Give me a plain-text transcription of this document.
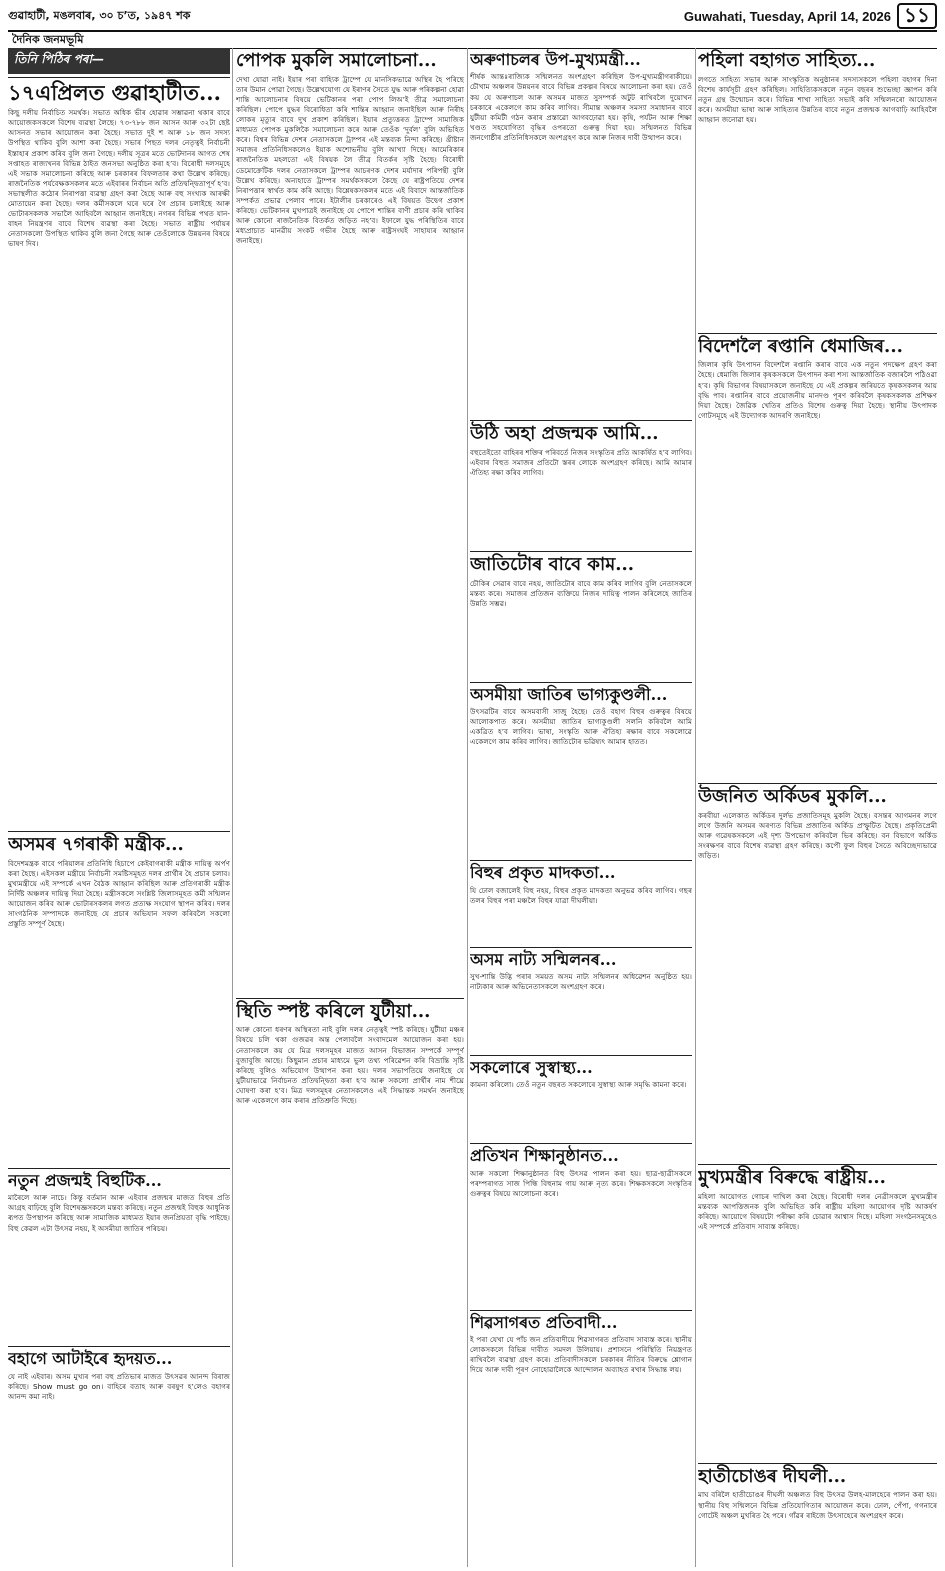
গুৱাহাটী, মঙলবাৰ, ৩০ চ’ত, ১৯৪৭ শক	Guwahati, Tuesday, April 14, 2026 ১১
দৈনিক জনমভূমি
তিনি পিঠিৰ পৰা—
১৭এপ্ৰিলত গুৱাহাটীত...

কিছু দলীয় নিৰ্বাচিত সমৰ্থক। সভাত অধিক ভীৰ হোৱাৰ সম্ভাৱনা থকাৰ বাবে আয়োজকসকলে বিশেষ ব্যৱস্থা লৈছে। ৭৩-৭৮৮ জন আসন আৰু ৩২টা ছেষ্ট আসনত সভাৰ আয়োজন কৰা হৈছে। সভাত দুই শ আৰু ১৮ জন সদস্য উপস্থিত থাকিব বুলি আশা কৰা হৈছে। সভাৰ পিছত দলৰ নেতৃত্বই নিৰ্বাচনী ইস্তাহাৰ প্ৰকাশ কৰিব বুলি জনা গৈছে। দলীয় সূত্ৰৰ মতে ভোটদানৰ আগত শেষ সপ্তাহত ৰাজ্যখনৰ বিভিন্ন ঠাইত জনসভা অনুষ্ঠিত কৰা হ’ব। বিৰোধী দলসমূহে এই সভাক সমালোচনা কৰিছে আৰু চৰকাৰৰ বিফলতাৰ কথা উল্লেখ কৰিছে। ৰাজনৈতিক পৰ্যবেক্ষকসকলৰ মতে এইবাৰৰ নিৰ্বাচন অতি প্ৰতিদ্বন্দ্বিতাপূৰ্ণ হ’ব। সভাস্থলীত কঠোৰ নিৰাপত্তা ব্যৱস্থা গ্ৰহণ কৰা হৈছে আৰু বহু সংখ্যক আৰক্ষী মোতায়েন কৰা হৈছে। দলৰ কৰ্মীসকলে ঘৰে ঘৰে গৈ প্ৰচাৰ চলাইছে আৰু ভোটাৰসকলক সভালৈ আহিবলৈ আহ্বান জনাইছে। নগৰৰ বিভিন্ন পথত যান-বাহন নিয়ন্ত্ৰণৰ বাবে বিশেষ ব্যৱস্থা কৰা হৈছে। সভাত ৰাষ্ট্ৰীয় পৰ্যায়ৰ নেতাসকলো উপস্থিত থাকিব বুলি জনা গৈছে আৰু তেওঁলোকে উন্নয়নৰ বিষয়ে ভাষণ দিব।

অসমৰ ৭গৰাকী মন্ত্ৰীক...

বিদেশমন্ত্ৰক বাবে পৰিয়ালৰ প্ৰতিনিধি হিচাপে কেইবাগৰাকী মন্ত্ৰীক দায়িত্ব অৰ্পণ কৰা হৈছে। এইসকল মন্ত্ৰীয়ে নিৰ্বাচনী সমষ্টিসমূহত দলৰ প্ৰাৰ্থীৰ হৈ প্ৰচাৰ চলাব। মুখ্যমন্ত্ৰীয়ে এই সম্পৰ্কে এখন বৈঠক আহ্বান কৰিছিল আৰু প্ৰতিগৰাকী মন্ত্ৰীক নিৰ্দিষ্ট অঞ্চলৰ দায়িত্ব দিয়া হৈছে। মন্ত্ৰীসকলে সংশ্লিষ্ট জিলাসমূহত কৰ্মী সন্মিলন আয়োজন কৰিব আৰু ভোটাৰসকলৰ লগত প্ৰত্যক্ষ সংযোগ স্থাপন কৰিব। দলৰ সাংগঠনিক সম্পাদকে জনাইছে যে প্ৰচাৰ অভিযান সফল কৰিবলৈ সকলো প্ৰস্তুতি সম্পূৰ্ণ হৈছে।

নতুন প্ৰজন্মই বিহুটিক...

মাৰৈলে আৰু নাচে। কিন্তু বৰ্তমান আৰু এইবাৰ প্ৰজন্মৰ মাজত বিহুৰ প্ৰতি আগ্ৰহ বাঢ়িছে বুলি বিশেষজ্ঞসকলে মন্তব্য কৰিছে। নতুন প্ৰজন্মই বিহুক আধুনিক ৰূপত উপস্থাপন কৰিছে আৰু সামাজিক মাধ্যমত ইয়াৰ জনপ্ৰিয়তা বৃদ্ধি পাইছে। বিহু কেৱল এটা উৎসৱ নহয়, ই অসমীয়া জাতিৰ পৰিচয়।

বহাগে আটাইৰে হৃদয়ত...

যে নাই এইবাৰ। অসম মুখ্যৰ পৰা বহু প্ৰতিভাৰ মাজত উৎসৱৰ আনন্দ বিৰাজ কৰিছে। Show must go on। বাহিৰে বতাহ আৰু বৰষুণ হ’লেও বহাগৰ আনন্দ কমা নাই।

পোপক মুকলি সমালোচনা...

দেখা যোৱা নাই। ইয়াৰ পৰা বাহ্যিক ট্ৰাম্পে যে মানসিকভাৱে অস্থিৰ হৈ পৰিছে তাৰ উমান পোৱা গৈছে। উল্লেখযোগ্য যে ইৰাণৰ সৈতে যুদ্ধ আৰু পৰিকল্পনা হোৱা শান্তি আলোচনাৰ বিষয়ে ভেটিকানৰ পৰা পোপ লিঅ’ই তীব্ৰ সমালোচনা কৰিছিল। পোপে যুদ্ধৰ বিৰোধিতা কৰি শান্তিৰ আহ্বান জনাইছিল আৰু নিৰীহ লোকৰ মৃত্যুৰ বাবে দুখ প্ৰকাশ কৰিছিল। ইয়াৰ প্ৰত্যুত্তৰত ট্ৰাম্পে সামাজিক মাধ্যমত পোপক মুকলিকৈ সমালোচনা কৰে আৰু তেওঁক ‘দুৰ্বল’ বুলি অভিহিত কৰে। বিশ্বৰ বিভিন্ন দেশৰ নেতাসকলে ট্ৰাম্পৰ এই মন্তব্যক নিন্দা কৰিছে। খ্ৰীষ্টান সমাজৰ প্ৰতিনিধিসকলেও ইয়াক অশোভনীয় বুলি আখ্যা দিছে। আমেৰিকাৰ ৰাজনৈতিক মহলতো এই বিষয়ক লৈ তীব্ৰ বিতৰ্কৰ সৃষ্টি হৈছে। বিৰোধী ডেমোক্ৰেটিক দলৰ নেতাসকলে ট্ৰাম্পৰ আচৰণক দেশৰ মৰ্যাদাৰ পৰিপন্থী বুলি উল্লেখ কৰিছে। অন্যহাতে ট্ৰাম্পৰ সমৰ্থকসকলে কৈছে যে ৰাষ্ট্ৰপতিয়ে দেশৰ নিৰাপত্তাৰ স্বাৰ্থত কাম কৰি আছে। বিশ্লেষকসকলৰ মতে এই বিবাদে আন্তৰ্জাতিক সম্পৰ্কত প্ৰভাৱ পেলাব পাৰে। ইটালীৰ চৰকাৰেও এই বিষয়ত উদ্বেগ প্ৰকাশ কৰিছে। ভেটিকানৰ মুখপাত্ৰই জনাইছে যে পোপে শান্তিৰ বাণী প্ৰচাৰ কৰি থাকিব আৰু কোনো ৰাজনৈতিক বিতৰ্কত জড়িত নহ’ব। ইফালে যুদ্ধ পৰিস্থিতিৰ বাবে মধ্যপ্ৰাচ্যত মানৱীয় সংকট গভীৰ হৈছে আৰু ৰাষ্ট্ৰসংঘই সাহায্যৰ আহ্বান জনাইছে।

স্থিতি স্পষ্ট কৰিলে যুটীয়া...

আৰু কোনো ধৰণৰ অস্থিৰতা নাই বুলি দলৰ নেতৃত্বই স্পষ্ট কৰিছে। যুটীয়া মঞ্চৰ বিষয়ে চলি থকা গুজৱৰ অন্ত পেলাবলৈ সংবাদমেল আয়োজন কৰা হয়। নেতাসকলে কয় যে মিত্ৰ দলসমূহৰ মাজত আসন বিভাজন সম্পৰ্কে সম্পূৰ্ণ বুজাবুজি আছে। কিছুমান প্ৰচাৰ মাধ্যমে ভুল তথ্য পৰিৱেশন কৰি বিভ্ৰান্তি সৃষ্টি কৰিছে বুলিও অভিযোগ উত্থাপন কৰা হয়। দলৰ সভাপতিয়ে জনাইছে যে যুটীয়াভাৱে নিৰ্বাচনত প্ৰতিদ্বন্দ্বিতা কৰা হ’ব আৰু সকলো প্ৰাৰ্থীৰ নাম শীঘ্ৰে ঘোষণা কৰা হ’ব। মিত্ৰ দলসমূহৰ নেতাসকলেও এই সিদ্ধান্তক সমৰ্থন জনাইছে আৰু একেলগে কাম কৰাৰ প্ৰতিশ্ৰুতি দিছে।

অৰুণাচলৰ উপ-মুখ্যমন্ত্ৰী...

শীৰ্ষক আন্তঃৰাজ্যিক সন্মিলনত অংশগ্ৰহণ কৰিছিল উপ-মুখ্যমন্ত্ৰীগৰাকীয়ে। চৌখাম অঞ্চলৰ উন্নয়নৰ বাবে বিভিন্ন প্ৰকল্পৰ বিষয়ে আলোচনা কৰা হয়। তেওঁ কয় যে অৰুণাচল আৰু অসমৰ মাজত সুসম্পৰ্ক অটুট ৰাখিবলৈ দুয়োখন চৰকাৰে একেলগে কাম কৰিব লাগিব। সীমান্ত অঞ্চলৰ সমস্যা সমাধানৰ বাবে যুটীয়া কমিটী গঠন কৰাৰ প্ৰস্তাৱো আগবঢ়োৱা হয়। কৃষি, পৰ্যটন আৰু শিক্ষা খণ্ডত সহযোগিতা বৃদ্ধিৰ ওপৰতো গুৰুত্ব দিয়া হয়। সন্মিলনত বিভিন্ন জনগোষ্ঠীৰ প্ৰতিনিধিসকলে অংশগ্ৰহণ কৰে আৰু নিজৰ দাবী উত্থাপন কৰে।

উঠি অহা প্ৰজন্মক আমি...

বহুতেইতো বাহিৰৰ শক্তিৰ পৰিবৰ্তে নিজৰ সংস্কৃতিৰ প্ৰতি আকৰ্ষিত হ’ব লাগিব। এইবাৰ বিহুত সমাজৰ প্ৰতিটো স্তৰৰ লোকে অংশগ্ৰহণ কৰিছে। আমি আমাৰ ঐতিহ্য ৰক্ষা কৰিব লাগিব।

জাতিটোৰ বাবে কাম...

চৌকিৰ সেৱাৰ বাবে নহয়, জাতিটোৰ বাবে কাম কৰিব লাগিব বুলি নেতাসকলে মন্তব্য কৰে। সমাজৰ প্ৰতিজন ব্যক্তিয়ে নিজৰ দায়িত্ব পালন কৰিলেহে জাতিৰ উন্নতি সম্ভৱ।

অসমীয়া জাতিৰ ভাগ্যকুণ্ডলী...

উৎসৱটিৰ বাবে অসমবাসী সাজু হৈছে। তেওঁ বহাগ বিহুৰ গুৰুত্বৰ বিষয়ে আলোকপাত কৰে। অসমীয়া জাতিৰ ভাগ্যকুণ্ডলী সলনি কৰিবলৈ আমি একত্ৰিত হ’ব লাগিব। ভাষা, সংস্কৃতি আৰু ঐতিহ্য ৰক্ষাৰ বাবে সকলোৱে একেলগে কাম কৰিব লাগিব। জাতিটোৰ ভৱিষ্যৎ আমাৰ হাতত।

বিহুৰ প্ৰকৃত মাদকতা...

যি ঢোল বজালেই বিহু নহয়, বিহুৰ প্ৰকৃত মাদকতা অনুভৱ কৰিব লাগিব। গছৰ তলৰ বিহুৰ পৰা মঞ্চলৈ বিহুৰ যাত্ৰা দীঘলীয়া।

অসম নাট্য সন্মিলনৰ...

সুখ-শান্তি উদ্ভি পৰাৰ সময়ত অসম নাট্য সন্মিলনৰ অধিৱেশন অনুষ্ঠিত হয়। নাট্যকাৰ আৰু অভিনেতাসকলে অংশগ্ৰহণ কৰে।

সকলোৰে সুস্বাস্থ্য...

কামনা কৰিলো। তেওঁ নতুন বছৰত সকলোৰে সুস্বাস্থ্য আৰু সমৃদ্ধি কামনা কৰে।

প্ৰতিখন শিক্ষানুষ্ঠানত...

আৰু সকলো শিক্ষানুষ্ঠানত বিহু উৎসৱ পালন কৰা হয়। ছাত্ৰ-ছাত্ৰীসকলে পৰম্পৰাগত সাজ পিন্ধি বিহুনাম গায় আৰু নৃত্য কৰে। শিক্ষকসকলে সংস্কৃতিৰ গুৰুত্বৰ বিষয়ে আলোচনা কৰে।

শিৱসাগৰত প্ৰতিবাদী...

ই পৰা যেখা যে পাঁচ জন প্ৰতিবাদীয়ে শিৱসাগৰত প্ৰতিবাদ সাব্যস্ত কৰে। স্থানীয় লোকসকলে বিভিন্ন দাবীত সমদল উলিয়ায়। প্ৰশাসনে পৰিস্থিতি নিয়ন্ত্ৰণত ৰাখিবলৈ ব্যৱস্থা গ্ৰহণ কৰে। প্ৰতিবাদীসকলে চৰকাৰৰ নীতিৰ বিৰুদ্ধে শ্লোগান দিয়ে আৰু দাবী পূৰণ নোহোৱালৈকে আন্দোলন অব্যাহত ৰখাৰ সিদ্ধান্ত লয়।

পহিলা বহাগত সাহিত্য...

লগতে সাহিত্য সভাৰ আৰু সাংস্কৃতিক অনুষ্ঠানৰ সদস্যসকলে পহিলা বহাগৰ দিনা বিশেষ কাৰ্যসূচী গ্ৰহণ কৰিছিল। সাহিত্যিকসকলে নতুন বছৰৰ শুভেচ্ছা জ্ঞাপন কৰি নতুন গ্ৰন্থ উন্মোচন কৰে। বিভিন্ন শাখা সাহিত্য সভাই কবি সন্মিলনৰো আয়োজন কৰে। অসমীয়া ভাষা আৰু সাহিত্যৰ উন্নতিৰ বাবে নতুন প্ৰজন্মক আগবাঢ়ি আহিবলৈ আহ্বান জনোৱা হয়।

বিদেশলৈ ৰপ্তানি ধেমাজিৰ...

জিলাৰ কৃষি উৎপাদন বিদেশলৈ ৰপ্তানি কৰাৰ বাবে এক নতুন পদক্ষেপ গ্ৰহণ কৰা হৈছে। ধেমাজি জিলাৰ কৃষকসকলে উৎপাদন কৰা শস্য আন্তৰ্জাতিক বজাৰলৈ পঠিওৱা হ’ব। কৃষি বিভাগৰ বিষয়াসকলে জনাইছে যে এই প্ৰকল্পৰ জৰিয়তে কৃষকসকলৰ আয় বৃদ্ধি পাব। ৰপ্তানিৰ বাবে প্ৰয়োজনীয় মানদণ্ড পূৰণ কৰিবলৈ কৃষকসকলক প্ৰশিক্ষণ দিয়া হৈছে। জৈৱিক খেতিৰ প্ৰতিও বিশেষ গুৰুত্ব দিয়া হৈছে। স্থানীয় উৎপাদক গোটসমূহে এই উদ্যোগক আদৰণি জনাইছে।

উজনিত অৰ্কিডৰ মুকলি...

কৰবীয়া এলেকাত অৰ্কিডৰ দুৰ্লভ প্ৰজাতিসমূহ মুকলি হৈছে। বসন্তৰ আগমনৰ লগে লগে উজনি অসমৰ অৰণ্যত বিভিন্ন প্ৰজাতিৰ অৰ্কিড প্ৰস্ফুটিত হৈছে। প্ৰকৃতিপ্ৰেমী আৰু গৱেষকসকলে এই দৃশ্য উপভোগ কৰিবলৈ ভিৰ কৰিছে। বন বিভাগে অৰ্কিড সংৰক্ষণৰ বাবে বিশেষ ব্যৱস্থা গ্ৰহণ কৰিছে। কপৌ ফুল বিহুৰ সৈতে অবিচ্ছেদ্যভাৱে জড়িত।

মুখ্যমন্ত্ৰীৰ বিৰুদ্ধে ৰাষ্ট্ৰীয়...

মহিলা আয়োগত গোচৰ দাখিল কৰা হৈছে। বিৰোধী দলৰ নেত্ৰীসকলে মুখ্যমন্ত্ৰীৰ মন্তব্যক আপত্তিজনক বুলি অভিহিত কৰি ৰাষ্ট্ৰীয় মহিলা আয়োগৰ দৃষ্টি আকৰ্ষণ কৰিছে। আয়োগে বিষয়টো পৰীক্ষা কৰি চোৱাৰ আশ্বাস দিছে। মহিলা সংগঠনসমূহেও এই সম্পৰ্কে প্ৰতিবাদ সাব্যস্ত কৰিছে।

হাতীচোঙৰ দীঘলী...

মাঘ বৰিলৈ হাতীচোঙৰ দীঘলী অঞ্চলত বিহু উৎসৱ উলহ-মালহেৰে পালন কৰা হয়। স্থানীয় বিহু সন্মিলনে বিভিন্ন প্ৰতিযোগিতাৰ আয়োজন কৰে। ঢোল, পেঁপা, গগনাৰে গোটেই অঞ্চল মুখৰিত হৈ পৰে। গাঁৱৰ ৰাইজে উৎসাহেৰে অংশগ্ৰহণ কৰে।
